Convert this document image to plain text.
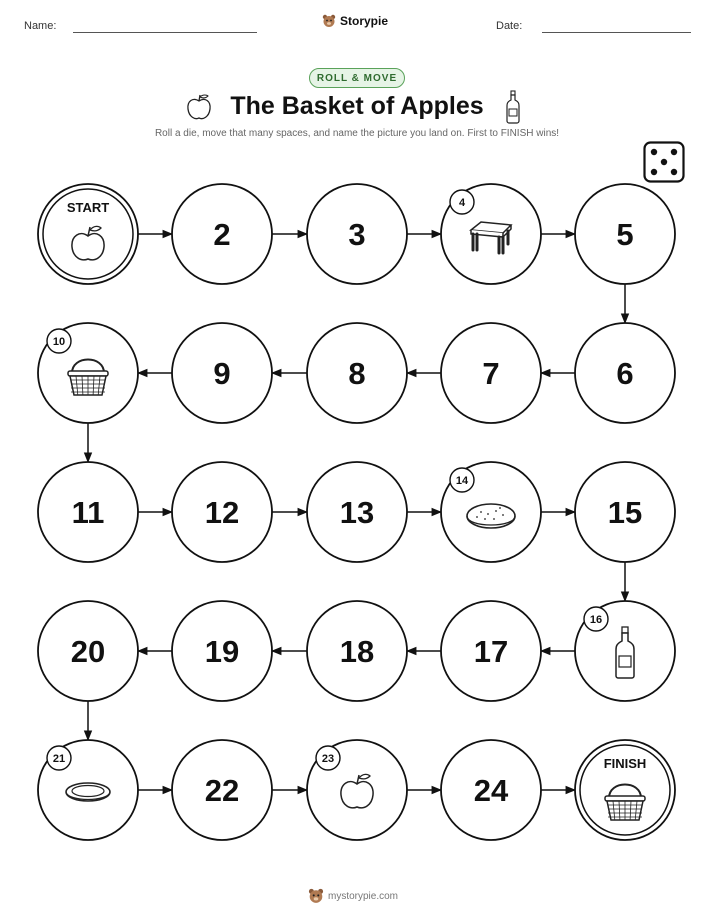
Name:	Storypie	Date:
ROLL & MOVE
The Basket of Apples
Roll a die, move that many spaces, and name the picture you land on. First to FINISH wins!
START
2	3
4
5
6
7
8
9
10
11	12	13
14
15
16
17
18
19
20
21
22
23
24
FINISH
mystorypie.com
